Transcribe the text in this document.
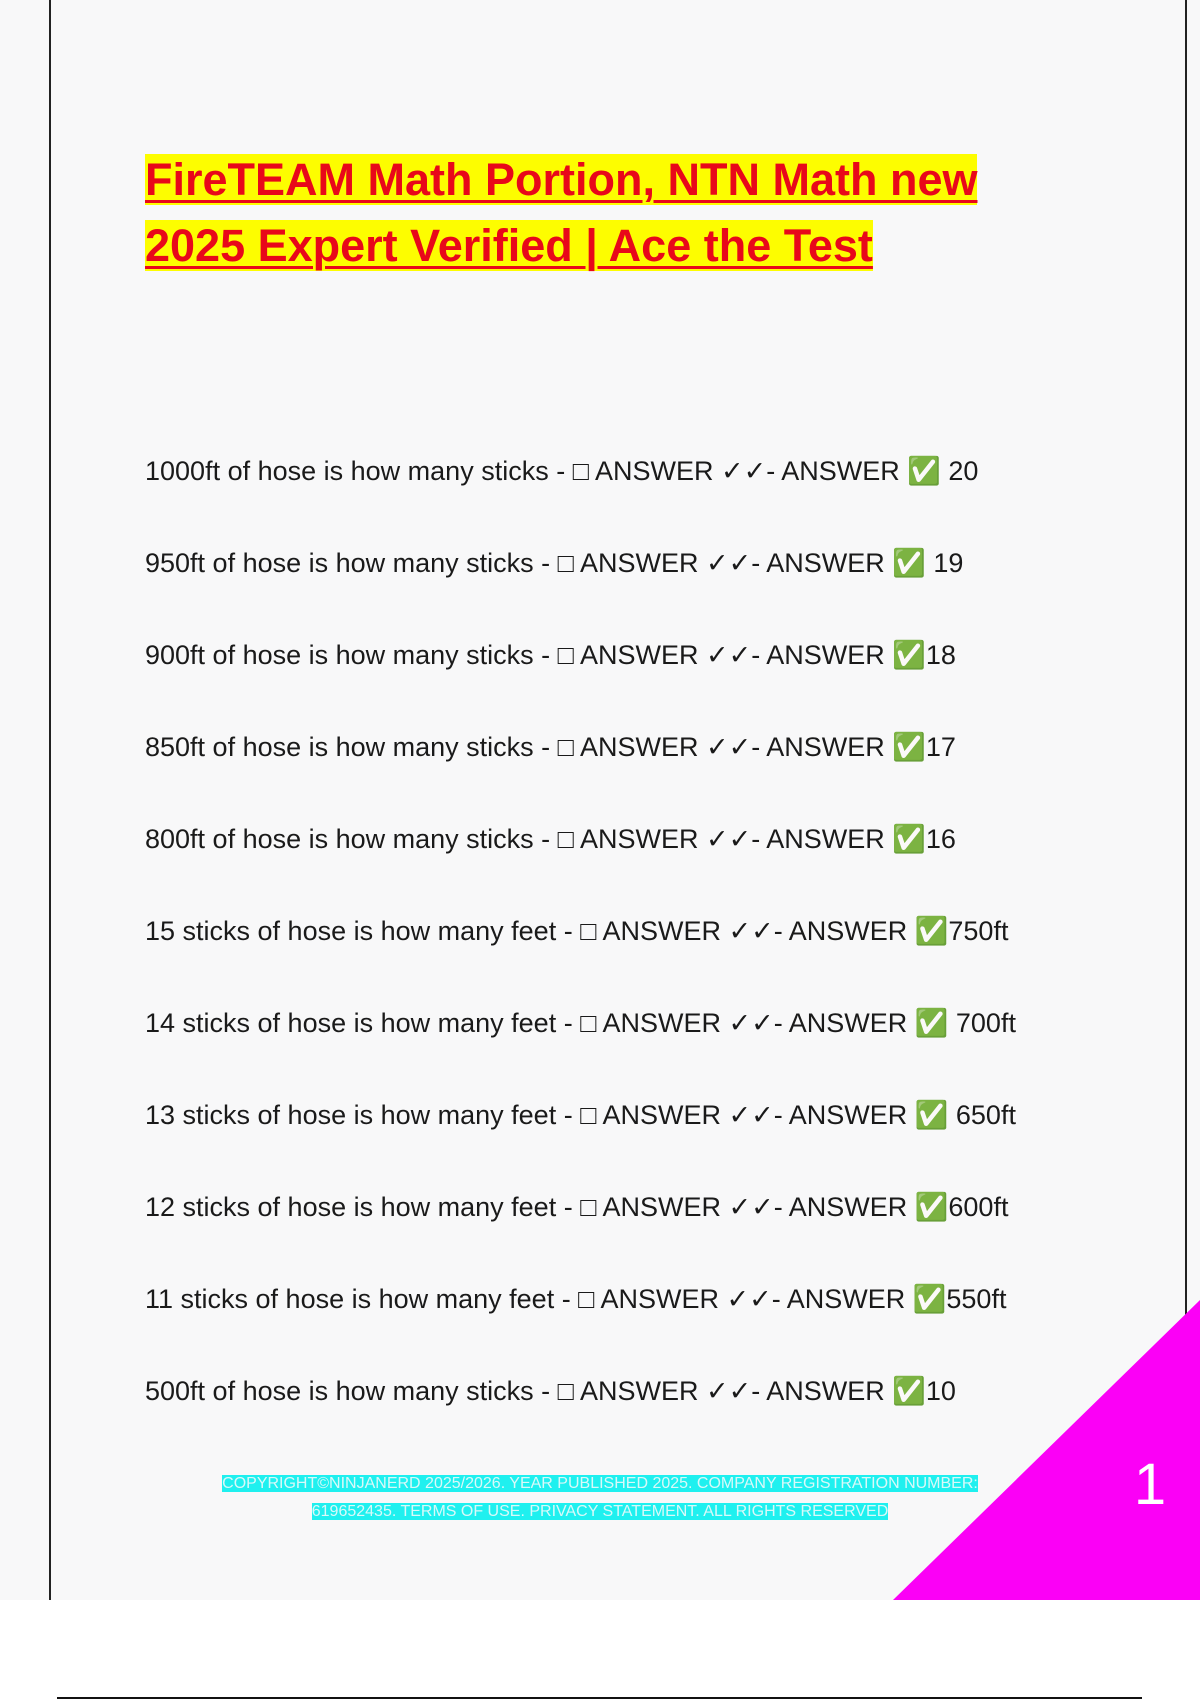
FireTEAM Math Portion, NTN Math new
2025 Expert Verified | Ace the Test
1000ft of hose is how many sticks - □ ANSWER ✓✓- ANSWER ✅ 20
950ft of hose is how many sticks - □ ANSWER ✓✓- ANSWER ✅ 19
900ft of hose is how many sticks - □ ANSWER ✓✓- ANSWER ✅18
850ft of hose is how many sticks - □ ANSWER ✓✓- ANSWER ✅17
800ft of hose is how many sticks - □ ANSWER ✓✓- ANSWER ✅16
15 sticks of hose is how many feet - □ ANSWER ✓✓- ANSWER ✅750ft
14 sticks of hose is how many feet - □ ANSWER ✓✓- ANSWER ✅ 700ft
13 sticks of hose is how many feet - □ ANSWER ✓✓- ANSWER ✅ 650ft
12 sticks of hose is how many feet - □ ANSWER ✓✓- ANSWER ✅600ft
11 sticks of hose is how many feet - □ ANSWER ✓✓- ANSWER ✅550ft
500ft of hose is how many sticks - □ ANSWER ✓✓- ANSWER ✅10
COPYRIGHT©NINJANERD 2025/2026. YEAR PUBLISHED 2025. COMPANY REGISTRATION NUMBER:
619652435. TERMS OF USE. PRIVACY STATEMENT. ALL RIGHTS RESERVED	1
